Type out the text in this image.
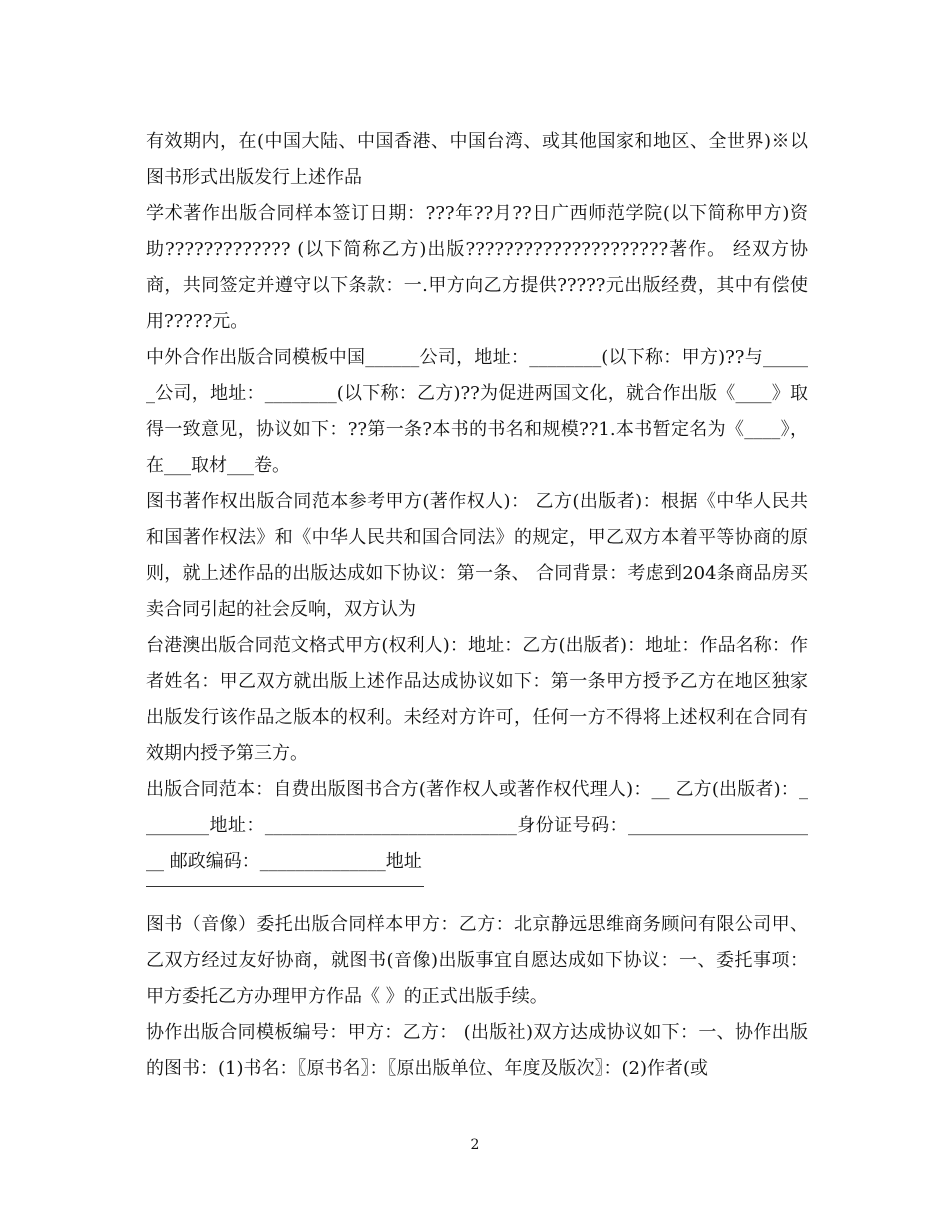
有效期内，在(中国大陆、中国香港、中国台湾、或其他国家和地区、全世界)※以图书形式出版发行上述作品

学术著作出版合同样本签订日期：???年??月??日广西师范学院(以下简称甲方)资助????????????? (以下简称乙方)出版?????????????????????著作。 经双方协商，共同签定并遵守以下条款：一.甲方向乙方提供?????元出版经费，其中有偿使用?????元。

中外合作出版合同模板中国______公司，地址：________(以下称：甲方)??与______公司，地址：________(以下称：乙方)??为促进两国文化，就合作出版《____》取得一致意见，协议如下：??第一条?本书的书名和规模??1.本书暂定名为《____》，在___取材___卷。

图书著作权出版合同范本参考甲方(著作权人)： 乙方(出版者)：根据《中华人民共和国著作权法》和《中华人民共和国合同法》的规定，甲乙双方本着平等协商的原则，就上述作品的出版达成如下协议：第一条、 合同背景：考虑到204条商品房买卖合同引起的社会反响，双方认为

台港澳出版合同范文格式甲方(权利人)：地址：乙方(出版者)：地址：作品名称：作者姓名：甲乙双方就出版上述作品达成协议如下：第一条甲方授予乙方在地区独家出版发行该作品之版本的权利。未经对方许可，任何一方不得将上述权利在合同有效期内授予第三方。

出版合同范本：自费出版图书合方(著作权人或著作权代理人)：__ 乙方(出版者)：________地址：____________________________身份证号码：______________________ 邮政编码：______________地址

图书（音像）委托出版合同样本甲方：乙方：北京静远思维商务顾问有限公司甲、乙双方经过友好协商，就图书(音像)出版事宜自愿达成如下协议：一、委托事项：甲方委托乙方办理甲方作品《 》的正式出版手续。

协作出版合同模板编号：甲方：乙方： (出版社)双方达成协议如下：一、协作出版的图书：(1)书名：〖原书名〗：〖原出版单位、年度及版次〗：(2)作者(或

2
